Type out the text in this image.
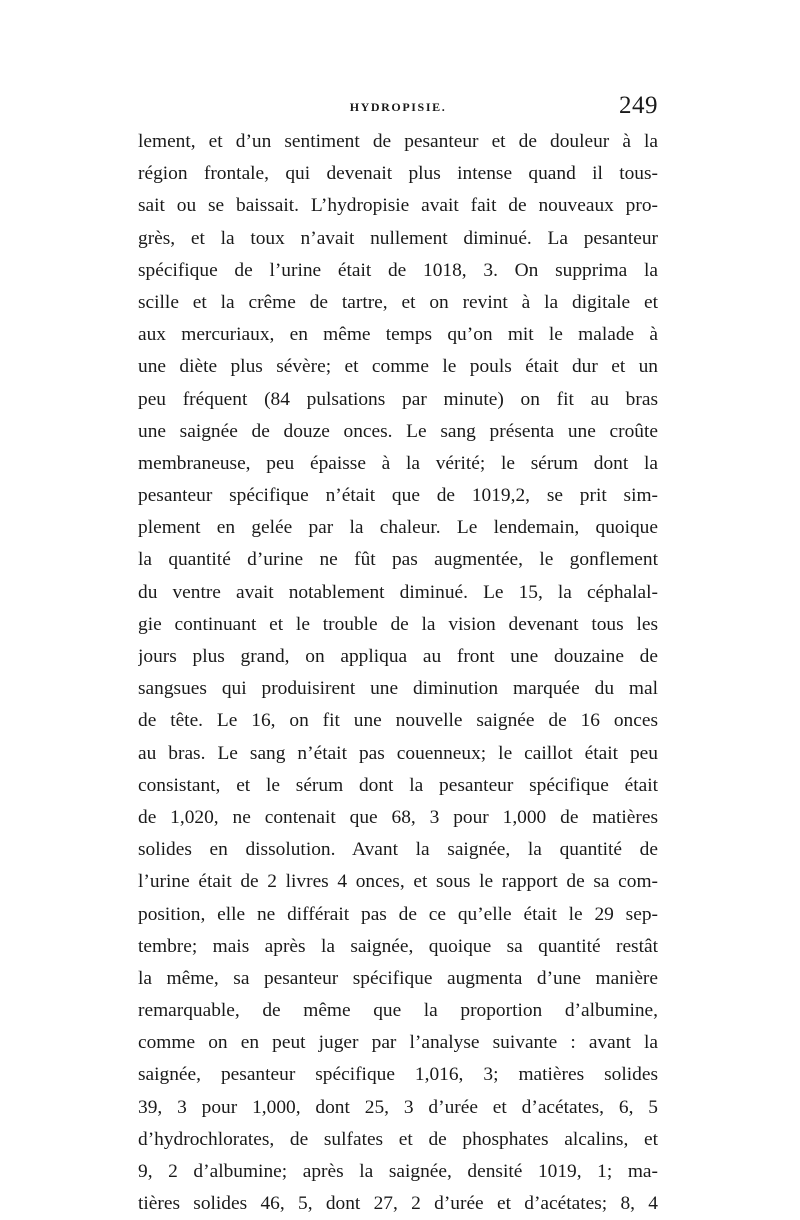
HYDROPISIE.	249
lement, et d’un sentiment de pesanteur et de douleur à la
région frontale, qui devenait plus intense quand il tous-
sait ou se baissait. L’hydropisie avait fait de nouveaux pro-
grès, et la toux n’avait nullement diminué. La pesanteur
spécifique de l’urine était de 1018, 3. On supprima la
scille et la crême de tartre, et on revint à la digitale et
aux mercuriaux, en même temps qu’on mit le malade à
une diète plus sévère; et comme le pouls était dur et un
peu fréquent (84 pulsations par minute) on fit au bras
une saignée de douze onces. Le sang présenta une croûte
membraneuse, peu épaisse à la vérité; le sérum dont la
pesanteur spécifique n’était que de 1019,2, se prit sim-
plement en gelée par la chaleur. Le lendemain, quoique
la quantité d’urine ne fût pas augmentée, le gonflement
du ventre avait notablement diminué. Le 15, la céphalal-
gie continuant et le trouble de la vision devenant tous les
jours plus grand, on appliqua au front une douzaine de
sangsues qui produisirent une diminution marquée du mal
de tête. Le 16, on fit une nouvelle saignée de 16 onces
au bras. Le sang n’était pas couenneux; le caillot était peu
consistant, et le sérum dont la pesanteur spécifique était
de 1,020, ne contenait que 68, 3 pour 1,000 de matières
solides en dissolution. Avant la saignée, la quantité de
l’urine était de 2 livres 4 onces, et sous le rapport de sa com-
position, elle ne différait pas de ce qu’elle était le 29 sep-
tembre; mais après la saignée, quoique sa quantité restât
la même, sa pesanteur spécifique augmenta d’une manière
remarquable, de même que la proportion d’albumine,
comme on en peut juger par l’analyse suivante : avant la
saignée, pesanteur spécifique 1,016, 3; matières solides
39, 3 pour 1,000, dont 25, 3 d’urée et d’acétates, 6, 5
d’hydrochlorates, de sulfates et de phosphates alcalins, et
9, 2 d’albumine; après la saignée, densité 1019, 1; ma-
tières solides 46, 5, dont 27, 2 d’urée et d’acétates; 8, 4
